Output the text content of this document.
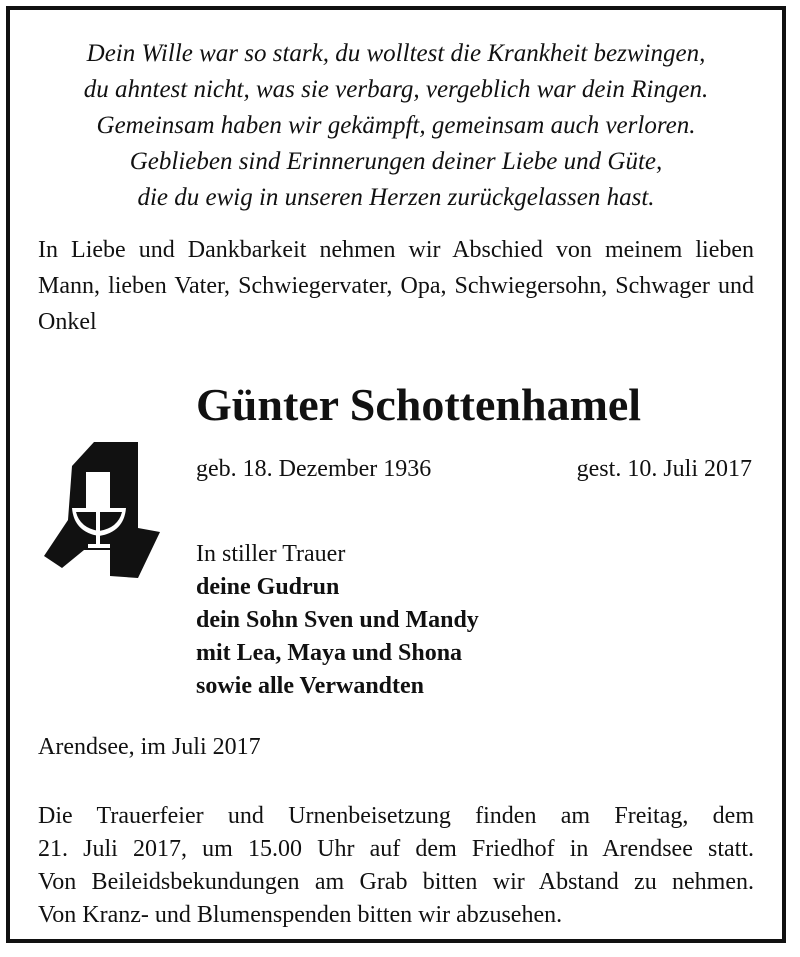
Dein Wille war so stark, du wolltest die Krankheit bezwingen,
du ahntest nicht, was sie verbarg, vergeblich war dein Ringen.
Gemeinsam haben wir gekämpft, gemeinsam auch verloren.
Geblieben sind Erinnerungen deiner Liebe und Güte,
die du ewig in unseren Herzen zurückgelassen hast.
In Liebe und Dankbarkeit nehmen wir Abschied von meinem lieben Mann, lieben Vater, Schwiegervater, Opa, Schwiegersohn, Schwager und Onkel
Günter Schottenhamel
geb. 18. Dezember 1936	gest. 10. Juli 2017
In stiller Trauer
deine Gudrun
dein Sohn Sven und Mandy
mit Lea, Maya und Shona
sowie alle Verwandten
Arendsee, im Juli 2017
Die Trauerfeier und Urnenbeisetzung finden am Freitag, dem
21. Juli 2017, um 15.00 Uhr auf dem Friedhof in Arendsee statt.
Von Beileidsbekundungen am Grab bitten wir Abstand zu nehmen.
Von Kranz- und Blumenspenden bitten wir abzusehen.
